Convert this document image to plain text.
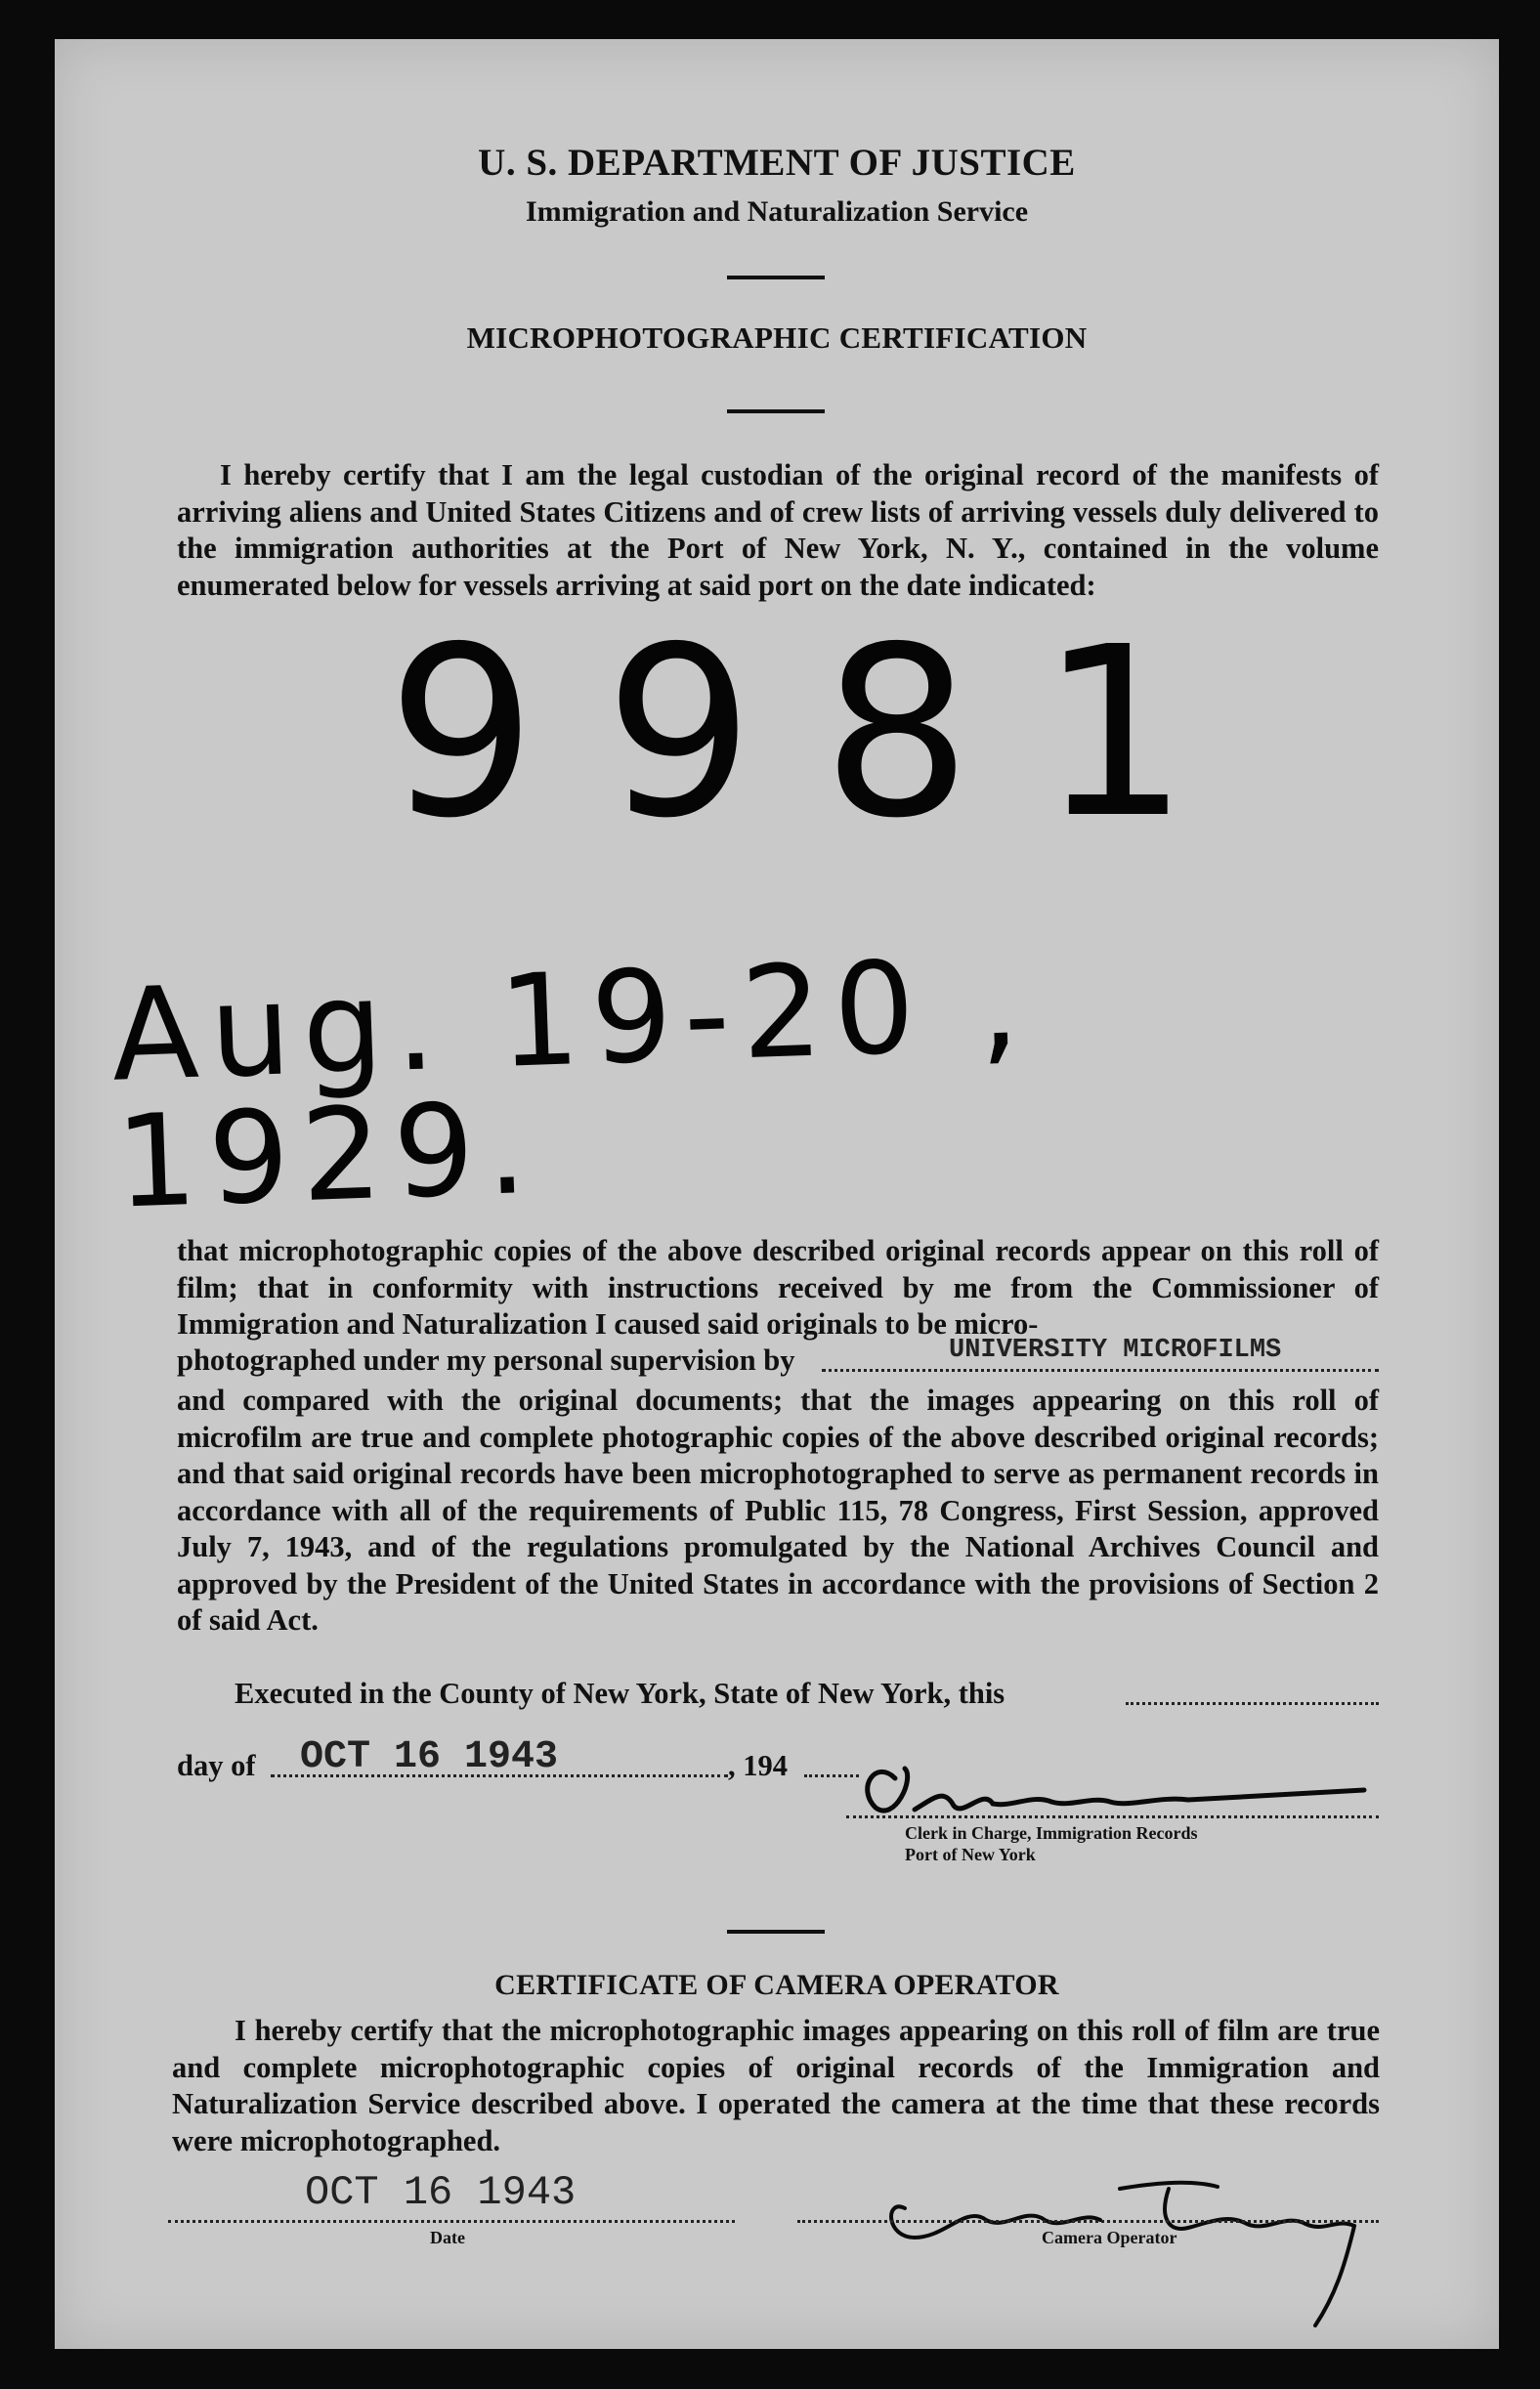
U. S. DEPARTMENT OF JUSTICE
Immigration and Naturalization Service
MICROPHOTOGRAPHIC CERTIFICATION
I hereby certify that I am the legal custodian of the original record of the manifests of arriving aliens and United States Citizens and of crew lists of arriving vessels duly delivered to the immigration authorities at the Port of New York, N. Y., contained in the volume enumerated below for vessels arriving at said port on the date indicated:
9981
Aug. 19-20 , 1929.
that microphotographic copies of the above described original records appear on this roll of film; that in conformity with instructions received by me from the Commissioner of Immigration and Naturalization I caused said originals to be micro-
photographed under my personal supervision by	UNIVERSITY MICROFILMS
and compared with the original documents; that the images appearing on this roll of microfilm are true and complete photographic copies of the above described original records; and that said original records have been microphotographed to serve as permanent records in accordance with all of the requirements of Public 115, 78 Congress, First Session, approved July 7, 1943, and of the regulations promulgated by the National Archives Council and approved by the President of the United States in accordance with the provisions of Section 2 of said Act.
Executed in the County of New York, State of New York, this
day of OCT 16 1943	, 194
Clerk in Charge, Immigration Records
Port of New York
CERTIFICATE OF CAMERA OPERATOR
I hereby certify that the microphotographic images appearing on this roll of film are true and complete microphotographic copies of original records of the Immigration and Naturalization Service described above. I operated the camera at the time that these records were microphotographed.
OCT 16 1943
Date	Camera Operator
